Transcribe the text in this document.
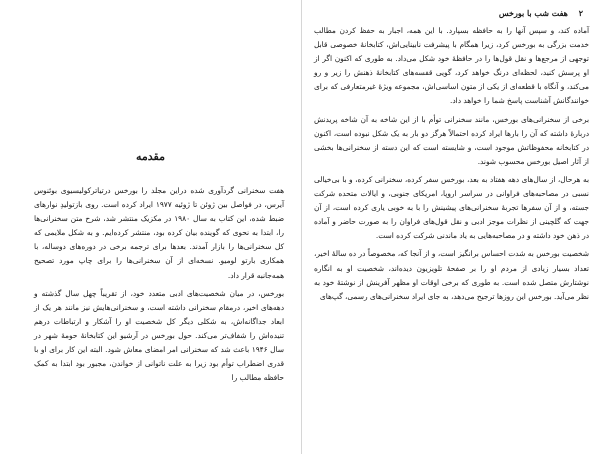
مقدمه

هفت سخنرانی گردآوری شده دراین مجلد را بورخس درتیاترکولیسیوی بوئنوس آیرس، در فواصل بین ژوئن تا ژوئیه ۱۹۷۷ ایراد کرده است. روی بازتولیدِ نوارهای ضبط شده، این کتاب به سال ۱۹۸۰ در مکزیک منتشر شد، شرح متن سخنرانی‌ها را، ابتدا به نحوی که گوینده بیان کرده بود، منتشر کرده‌ایم. و به شکل ملایمی که کل سخنرانی‌ها را بازار آمدند. بعدها برای ترجمه برخی در دوره‌های دوساله، با همکاری بارتو لومیو. نسخه‌ای از آن سخنرانی‌ها را برای چاپ مورد تصحیح همه‌جانبه قرار داد.

بورخس، در میان شخصیت‌های ادبی متعدد خود، از تقریباً چهل سال گذشته و دهه‌های اخیر، درمقام سخنرانی داشته است، و سخنرانی‌هایش نیز مانند هر یک از ابعاد جداگانه‌اش، به شکلی دیگر کل شخصیت او را آشکار و ارتباطات درهم تنیده‌اش را شفاف‌تر می‌کند. حول بورخس در آرشیو این کتابخانهٔ حومهٔ شهر در سال ۱۹۴۶ باعث شد که سخنرانی امر امضای معاش شود. البته این کار برای او با قدری اضطراب توأم بود زیرا به علت ناتوانی از خواندن، مجبور بود ابتدا به کمک حافظه مطالب را

۲ هفت شب با بورخس

آماده کند، و سپس آنها را به حافظه بسپارد. با این همه، اجبار به حفظ کردن مطالب خدمت بزرگی به بورخس کرد، زیرا همگام با پیشرفت نابینایی‌اش، کتابخانهٔ خصوصی قابل توجهی از مرجع‌ها و نقل قول‌ها را در حافظهٔ خود شکل می‌داد. به طوری که اکنون اگر از او پرسش کنید، لحظه‌ای درنگ خواهد کرد، گویی قفسه‌های کتابخانهٔ ذهنش را زیر و رو می‌کند، و آنگاه با قطعه‌ای از یکی از متون اساسی‌اش، مجموعه ویژهٔ غیرمتعارفی که برای خوانندگانش آشناست پاسخ شما را خواهد داد.

برخی از سخنرانی‌های بورخس، مانند سخنرانی توأم با از این شاخه به آن شاخه پریدنش دربارهٔ داشته که آن را بارها ایراد کرده احتمالاً هرگز دو بار به یک شکل نبوده است، اکنون در کتابخانه محفوظاتش موجود است، و شایسته است که این دسته از سخنرانی‌ها بخشی از آثار اصیل بورخس محسوب شوند.

به هرحال، از سال‌های دهه هفتاد به بعد، بورخس سفر کرده، سخنرانی کرده، و با بی‌خیالی نسبی در مصاحبه‌های فراوانی در سراسر اروپا، امریکای جنوبی، و ایالات متحده شرکت جسته، و از آن سفرها تجربهٔ سخنرانی‌های پیشینش را با به خوبی یاری کرده است، از آن جهت که گلچینی از نظرات موجز ادبی و نقل قول‌های فراوان را به صورت حاضر و آماده در ذهن خود داشته و در مصاحبه‌هایی به یاد ماندنی شرکت کرده است.

شخصیت بورخس به شدت احساس برانگیز است، و از آنجا که، مخصوصاً در ده سالهٔ اخیر، تعداد بسیار زیادی از مردم او را بر صفحهٔ تلویزیون دیده‌اند، شخصیت او به انگاره نوشتارش متصل شده است. به طوری که برخی اوقات او مظهر آفرینش از نوشتهٔ خود به نظر می‌آید. بورخس این روزها ترجیح می‌دهد، به جای ایراد سخنرانی‌های رسمی، گپ‌های
